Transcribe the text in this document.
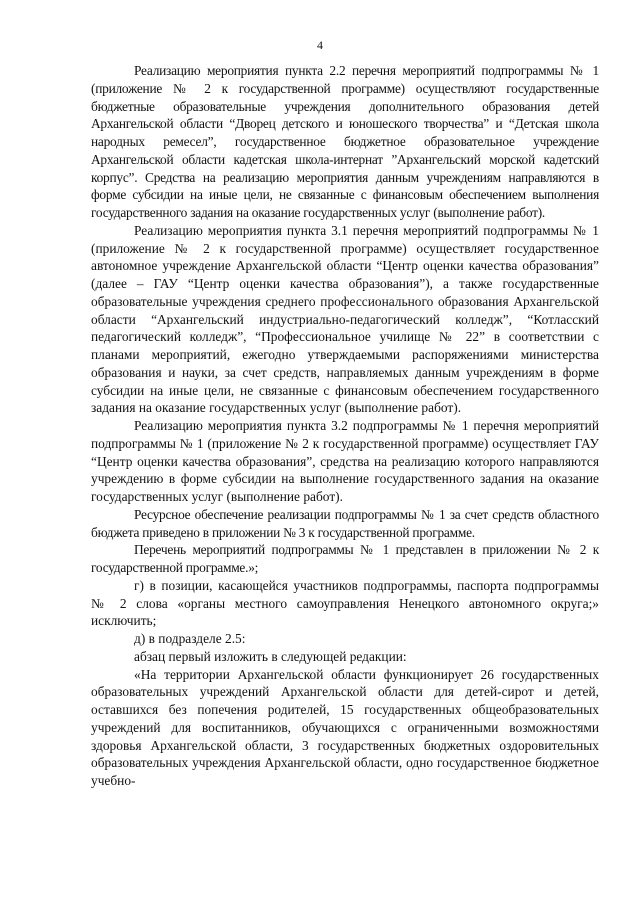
4

Реализацию мероприятия пункта 2.2 перечня мероприятий подпрограммы № 1 (приложение № 2 к государственной программе) осуществляют государственные бюджетные образовательные учреждения дополнительного образования детей Архангельской области “Дворец детского и юношеского творчества” и “Детская школа народных ремесел”, государственное бюджетное образовательное учреждение Архангельской области кадетская школа-интернат ”Архангельский морской кадетский корпус”. Средства на реализацию мероприятия данным учреждениям направляются в форме субсидии на иные цели, не связанные с финансовым обеспечением выполнения государственного задания на оказание государственных услуг (выполнение работ).

Реализацию мероприятия пункта 3.1 перечня мероприятий подпрограммы № 1 (приложение № 2 к государственной программе) осуществляет государственное автономное учреждение Архангельской области “Центр оценки качества образования” (далее – ГАУ “Центр оценки качества образования”), а также государственные образовательные учреждения среднего профессионального образования Архангельской области “Архангельский индустриально-педагогический колледж”, “Котласский педагогический колледж”, “Профессиональное училище № 22” в соответствии с планами мероприятий, ежегодно утверждаемыми распоряжениями министерства образования и науки, за счет средств, направляемых данным учреждениям в форме субсидии на иные цели, не связанные с финансовым обеспечением государственного задания на оказание государственных услуг (выполнение работ).

Реализацию мероприятия пункта 3.2 подпрограммы № 1 перечня мероприятий подпрограммы № 1 (приложение № 2 к государственной программе) осуществляет ГАУ “Центр оценки качества образования”, средства на реализацию которого направляются учреждению в форме субсидии на выполнение государственного задания на оказание государственных услуг (выполнение работ).

Ресурсное обеспечение реализации подпрограммы № 1 за счет средств областного бюджета приведено в приложении № 3 к государственной программе.

Перечень мероприятий подпрограммы № 1 представлен в приложении № 2 к государственной программе.»;

г) в позиции, касающейся участников подпрограммы, паспорта подпрограммы № 2 слова «органы местного самоуправления Ненецкого автономного округа;» исключить;

д) в подразделе 2.5:

абзац первый изложить в следующей редакции:

«На территории Архангельской области функционирует 26 государственных образовательных учреждений Архангельской области для детей-сирот и детей, оставшихся без попечения родителей, 15 государственных общеобразовательных учреждений для воспитанников, обучающихся с ограниченными возможностями здоровья Архангельской области, 3 государственных бюджетных оздоровительных образовательных учреждения Архангельской области, одно государственное бюджетное учебно-
